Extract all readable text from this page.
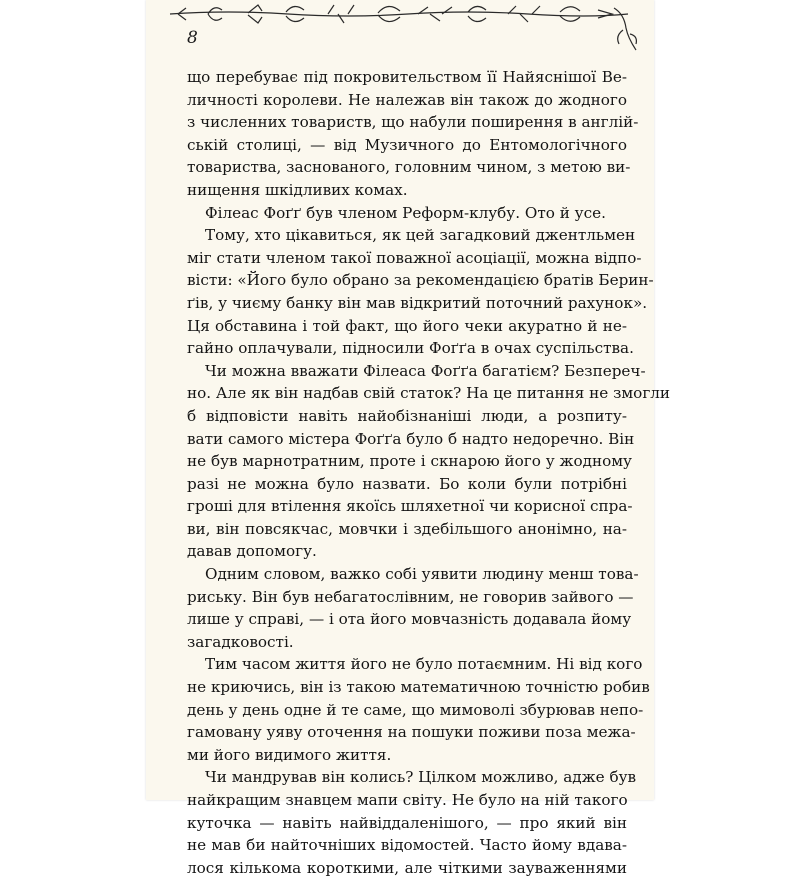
8
що перебуває під покровительством її Найяснішої Ве-
личності королеви. Не належав він також до жодного
з численних товариств, що набули поширення в англій-
ській столиці, — від Музичного до Ентомологічного
товариства, заснованого, головним чином, з метою ви-
нищення шкідливих комах.
Філеас Фоґґ був членом Реформ-клубу. Ото й усе.
Тому, хто цікавиться, як цей загадковий джентльмен
міг стати членом такої поважної асоціації, можна відпо-
вісти: «Його було обрано за рекомендацією братів Берин-
ґів, у чиєму банку він мав відкритий поточний рахунок».
Ця обставина і той факт, що його чеки акуратно й не-
гайно оплачували, підносили Фоґґа в очах суспільства.
Чи можна вважати Філеаса Фоґґа багатієм? Безпереч-
но. Але як він надбав свій статок? На це питання не змогли
б відповісти навіть найобізнаніші люди, а розпиту-
вати самого містера Фоґґа було б надто недоречно. Він
не був марнотратним, проте і скнарою його у жодному
разі не можна було назвати. Бо коли були потрібні
гроші для втілення якоїсь шляхетної чи корисної спра-
ви, він повсякчас, мовчки і здебільшого анонімно, на-
давав допомогу.
Одним словом, важко собі уявити людину менш това-
риську. Він був небагатослівним, не говорив зайвого —
лише у справі, — і ота його мовчазність додавала йому
загадковості.
Тим часом життя його не було потаємним. Ні від кого
не криючись, він із такою математичною точністю робив
день у день одне й те саме, що мимоволі збурював непо-
гамовану уяву оточення на пошуки поживи поза межа-
ми його видимого життя.
Чи мандрував він колись? Цілком можливо, адже був
найкращим знавцем мапи світу. Не було на ній такого
куточка — навіть найвіддаленішого, — про який він
не мав би найточніших відомостей. Часто йому вдава-
лося кількома короткими, але чіткими зауваженнями
